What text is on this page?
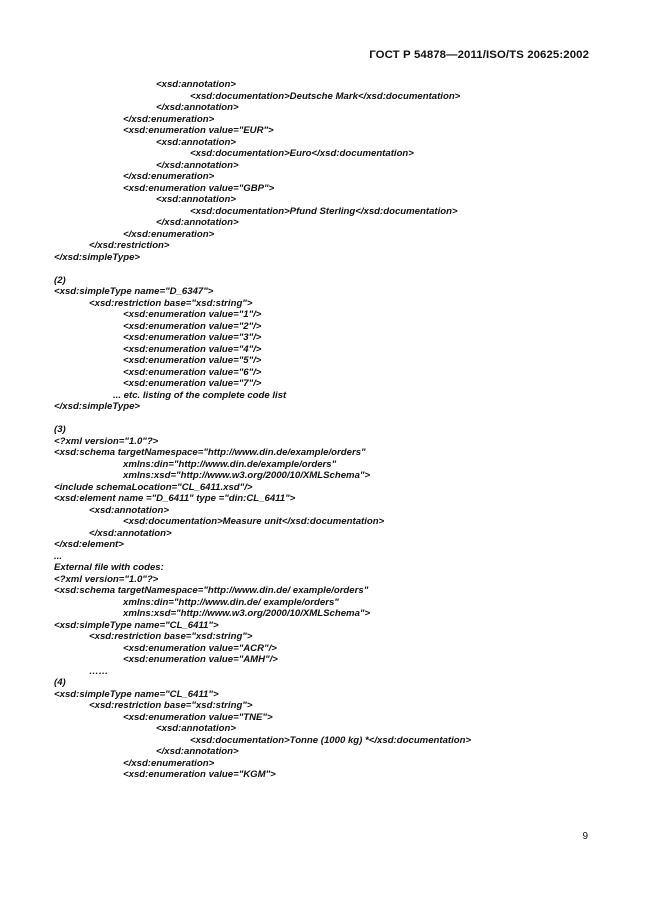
ГОСТ Р 54878—2011/ISO/TS 20625:2002
<xsd:annotation>
<xsd:documentation>Deutsche Mark</xsd:documentation>
</xsd:annotation>
</xsd:enumeration>
<xsd:enumeration value="EUR">
<xsd:annotation>
<xsd:documentation>Euro</xsd:documentation>
</xsd:annotation>
</xsd:enumeration>
<xsd:enumeration value="GBP">
<xsd:annotation>
<xsd:documentation>Pfund Sterling</xsd:documentation>
</xsd:annotation>
</xsd:enumeration>
</xsd:restriction>
</xsd:simpleType>
(2)
<xsd:simpleType name="D_6347">
<xsd:restriction base="xsd:string">
<xsd:enumeration value="1"/>
<xsd:enumeration value="2"/>
<xsd:enumeration value="3"/>
<xsd:enumeration value="4"/>
<xsd:enumeration value="5"/>
<xsd:enumeration value="6"/>
<xsd:enumeration value="7"/>
... etc. listing of the complete code list
</xsd:simpleType>
(3)
<?xml version="1.0"?>
<xsd:schema targetNamespace="http://www.din.de/example/orders"
xmlns:din="http://www.din.de/example/orders"
xmlns:xsd="http://www.w3.org/2000/10/XMLSchema">
<include schemaLocation="CL_6411.xsd"/>
<xsd:element name ="D_6411" type ="din:CL_6411">
<xsd:annotation>
<xsd:documentation>Measure unit</xsd:documentation>
</xsd:annotation>
</xsd:element>
...
External file with codes:
<?xml version="1.0"?>
<xsd:schema targetNamespace="http://www.din.de/ example/orders"
xmlns:din="http://www.din.de/ example/orders"
xmlns:xsd="http://www.w3.org/2000/10/XMLSchema">
<xsd:simpleType name="CL_6411">
<xsd:restriction base="xsd:string">
<xsd:enumeration value="ACR"/>
<xsd:enumeration value="AMH"/>
……
(4)
<xsd:simpleType name="CL_6411">
<xsd:restriction base="xsd:string">
<xsd:enumeration value="TNE">
<xsd:annotation>
<xsd:documentation>Tonne (1000 kg) *</xsd:documentation>
</xsd:annotation>
</xsd:enumeration>
<xsd:enumeration value="KGM">
9
